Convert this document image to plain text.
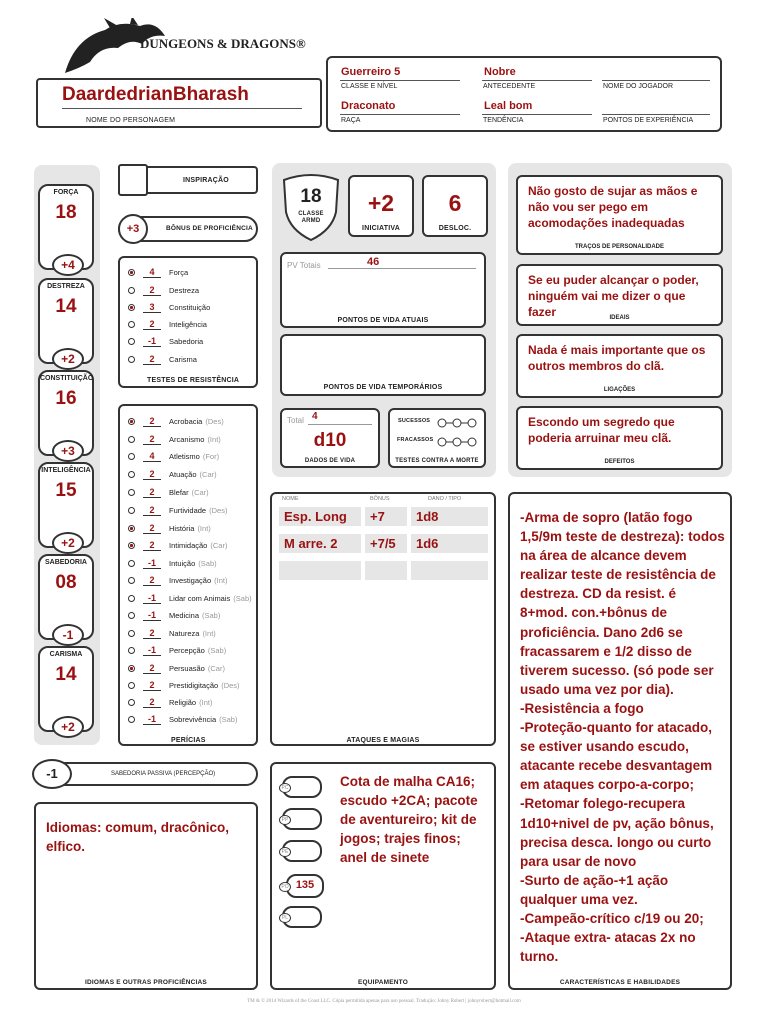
DUNGEONS & DRAGONS®
DaardedrianBharash
NOME DO PERSONAGEM
Guerreiro 5
CLASSE E NÍVEL
Nobre
ANTECEDENTE	NOME DO JOGADOR
Draconato
RAÇA
Leal bom
TENDÊNCIA	PONTOS DE EXPERIÊNCIA
FORÇA
18
+4
DESTREZA
14
+2
CONSTITUIÇÃO
16
+3
INTELIGÊNCIA
15
+2
SABEDORIA
08
-1
CARISMA
14
+2
INSPIRAÇÃO
+3	BÔNUS DE PROFICIÊNCIA
4	Força
2	Destreza
3	Constituição
2	Inteligência
-1	Sabedoria
2	Carisma
TESTES DE RESISTÊNCIA
2	Acrobacia (Des)
2	Arcanismo (Int)
4	Atletismo (For)
2	Atuação (Car)
2	Blefar (Car)
2	Furtividade (Des)
2	História (Int)
2	Intimidação (Car)
-1	Intuição (Sab)
2	Investigação (Int)
-1	Lidar com Animais (Sab)
-1	Medicina (Sab)
2	Natureza (Int)
-1	Percepção (Sab)
2	Persuasão (Car)
2	Prestidigitação (Des)
2	Religião (Int)
-1	Sobrevivência (Sab)
PERÍCIAS
18
CLASSE ARMD
+2
INICIATIVA
6
DESLOC.
PV Totais	46
PONTOS DE VIDA ATUAIS
PONTOS DE VIDA TEMPORÁRIOS
Total 4
d10
DADOS DE VIDA
SUCESSOS
FRACASSOS
TESTES CONTRA A MORTE
Não gosto de sujar as mãos e não vou ser pego em acomodações inadequadas
TRAÇOS DE PERSONALIDADE
Se eu puder alcançar o poder, ninguém vai me dizer o que fazer	IDEAIS
Nada é mais importante que os outros membros do clã.
LIGAÇÕES
Escondo um segredo que poderia arruinar meu clã.
DEFEITOS
NOME	BÔNUS	DANO / TIPO
Esp. Long	+7	1d8
M arre. 2	+7/5	1d6
ATAQUES E MAGIAS
-Arma de sopro (latão fogo 1,5/9m teste de destreza): todos na área de alcance devem realizar teste de resistência de destreza. CD da resist. é 8+mod. con.+bônus de proficiência. Dano 2d6 se fracassarem e 1/2 disso de tiverem sucesso. (só pode ser usado uma vez por dia).
-Resistência a fogo
-Proteção-quanto for atacado, se estiver usando escudo, atacante recebe desvantagem em ataques corpo-a-corpo;
-Retomar folego-recupera 1d10+nivel de pv, ação bônus, precisa desca. longo ou curto para usar de novo
-Surto de ação-+1 ação qualquer uma vez.
-Campeão-crítico c/19 ou 20;
-Ataque extra- atacas 2x no turno.
CARACTERÍSTICAS E HABILIDADES
-1	SABEDORIA PASSIVA (PERCEPÇÃO)
Idiomas: comum, dracônico, elfico.
IDIOMAS E OUTRAS PROFICIÊNCIAS
PC
PP
PE
PO 135
PL
Cota de malha CA16; escudo +2CA; pacote de aventureiro; kit de jogos; trajes finos; anel de sinete
EQUIPAMENTO
TM & © 2014 Wizards of the Coast LLC. Cópia permitida apenas para uso pessoal. Tradução: Johny Robert | johnyrobert@hotmail.com
